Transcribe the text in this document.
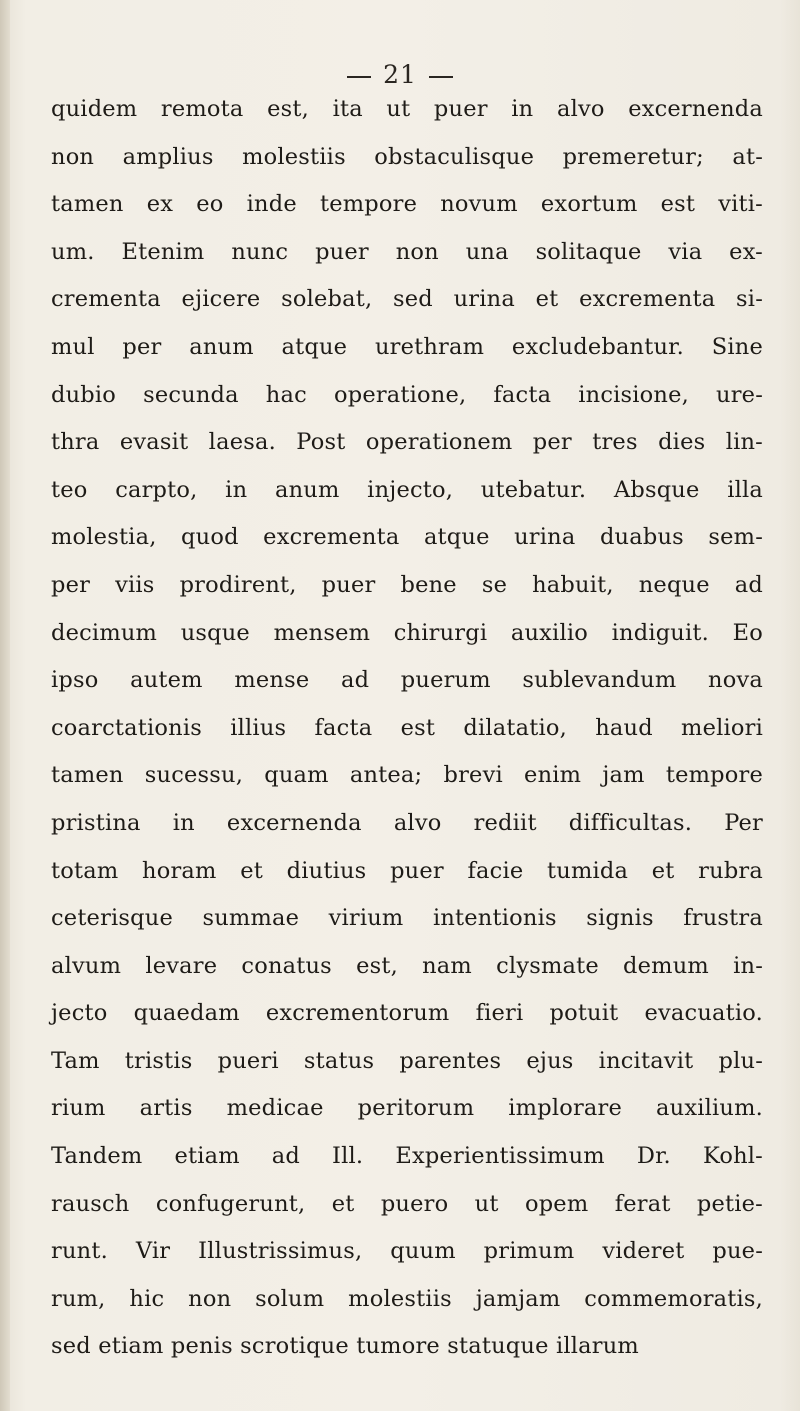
21
quidem remota est, ita ut puer in alvo excernenda
non amplius molestiis obstaculisque premeretur; at-
tamen ex eo inde tempore novum exortum est viti-
um. Etenim nunc puer non una solitaque via ex-
crementa ejicere solebat, sed urina et excrementa si-
mul per anum atque urethram excludebantur. Sine
dubio secunda hac operatione, facta incisione, ure-
thra evasit laesa. Post operationem per tres dies lin-
teo carpto, in anum injecto, utebatur. Absque illa
molestia, quod excrementa atque urina duabus sem-
per viis prodirent, puer bene se habuit, neque ad
decimum usque mensem chirurgi auxilio indiguit. Eo
ipso autem mense ad puerum sublevandum nova
coarctationis illius facta est dilatatio, haud meliori
tamen sucessu, quam antea; brevi enim jam tempore
pristina in excernenda alvo rediit difficultas. Per
totam horam et diutius puer facie tumida et rubra
ceterisque summae virium intentionis signis frustra
alvum levare conatus est, nam clysmate demum in-
jecto quaedam excrementorum fieri potuit evacuatio.
Tam tristis pueri status parentes ejus incitavit plu-
rium artis medicae peritorum implorare auxilium.
Tandem etiam ad Ill. Experientissimum Dr. Kohl-
rausch confugerunt, et puero ut opem ferat petie-
runt. Vir Illustrissimus, quum primum videret pue-
rum, hic non solum molestiis jamjam commemoratis,
sed etiam penis scrotique tumore statuque illarum
